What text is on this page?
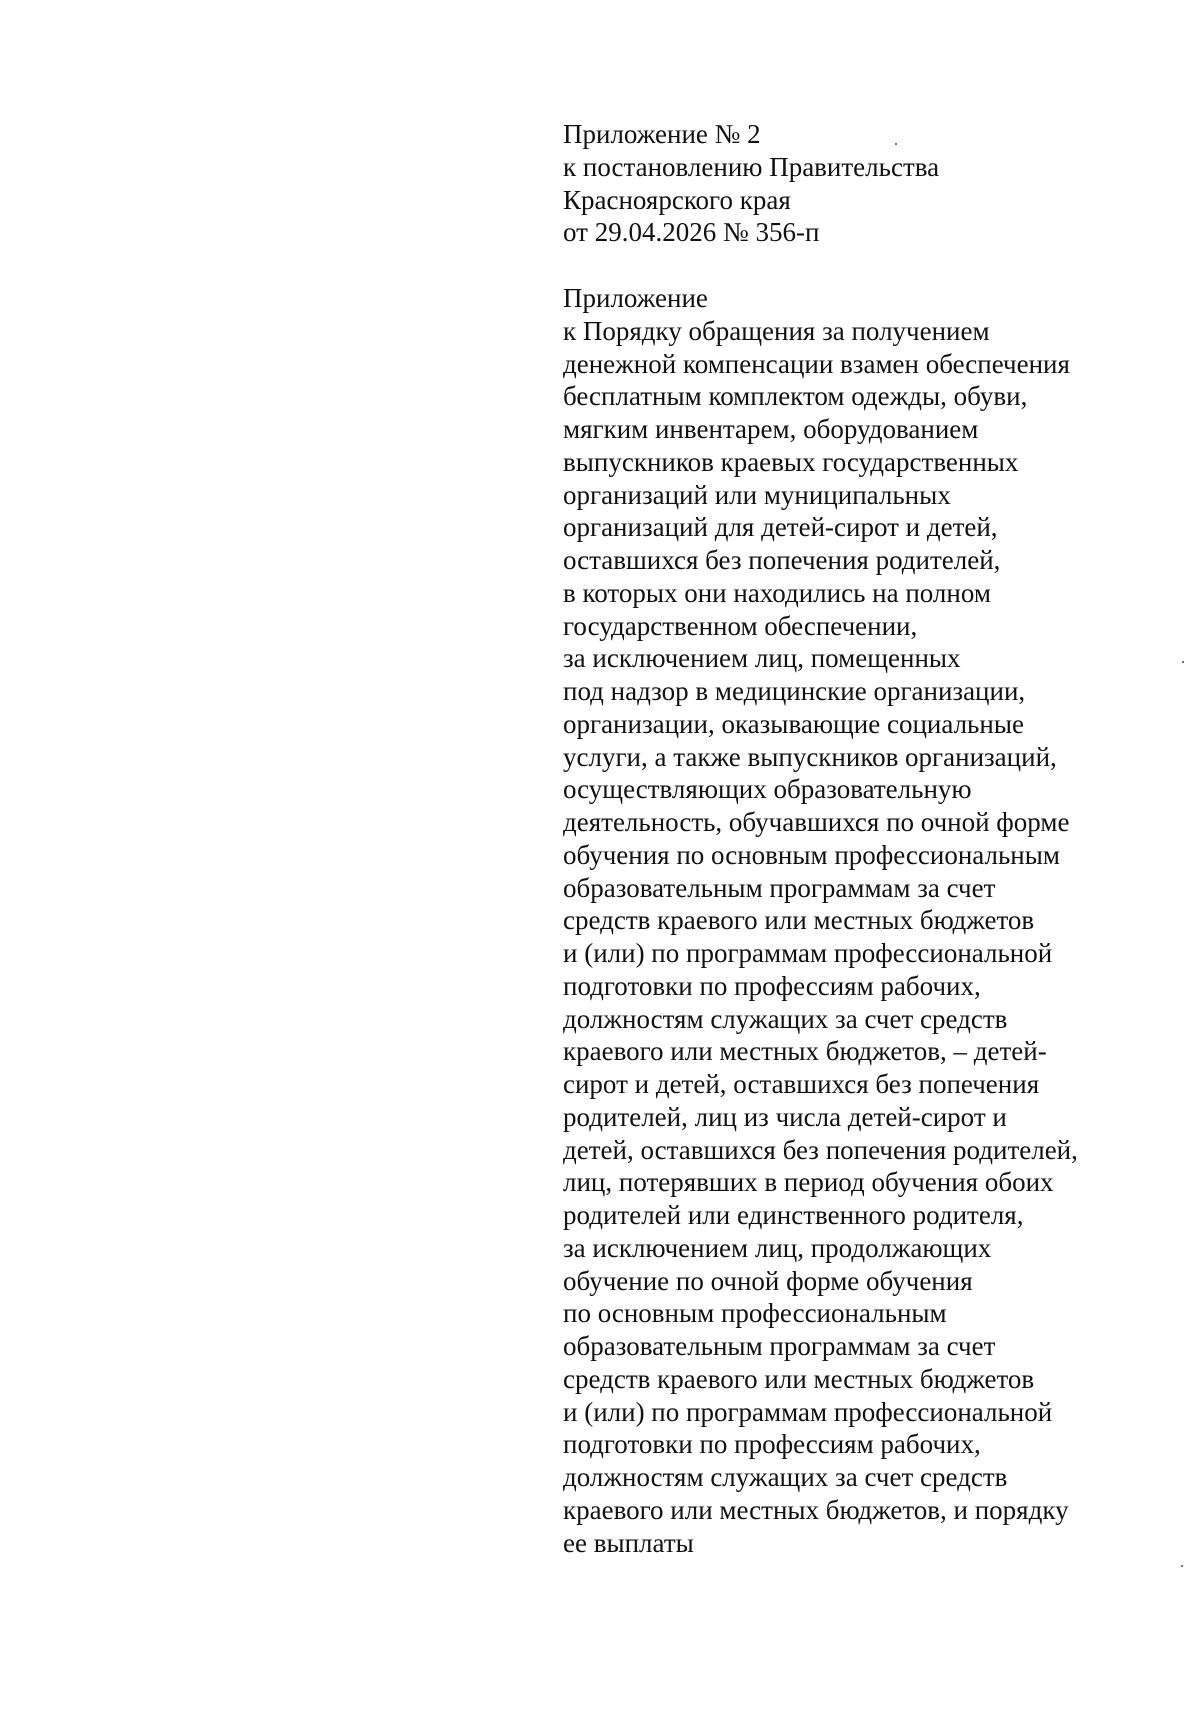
Приложение № 2
к постановлению Правительства
Красноярского края
от 29.04.2026 № 356-п
Приложение
к Порядку обращения за получением
денежной компенсации взамен обеспечения
бесплатным комплектом одежды, обуви,
мягким инвентарем, оборудованием
выпускников краевых государственных
организаций или муниципальных
организаций для детей-сирот и детей,
оставшихся без попечения родителей,
в которых они находились на полном
государственном обеспечении,
за исключением лиц, помещенных
под надзор в медицинские организации,
организации, оказывающие социальные
услуги, а также выпускников организаций,
осуществляющих образовательную
деятельность, обучавшихся по очной форме
обучения по основным профессиональным
образовательным программам за счет
средств краевого или местных бюджетов
и (или) по программам профессиональной
подготовки по профессиям рабочих,
должностям служащих за счет средств
краевого или местных бюджетов, – детей-
сирот и детей, оставшихся без попечения
родителей, лиц из числа детей-сирот и
детей, оставшихся без попечения родителей,
лиц, потерявших в период обучения обоих
родителей или единственного родителя,
за исключением лиц, продолжающих
обучение по очной форме обучения
по основным профессиональным
образовательным программам за счет
средств краевого или местных бюджетов
и (или) по программам профессиональной
подготовки по профессиям рабочих,
должностям служащих за счет средств
краевого или местных бюджетов, и порядку
ее выплаты
